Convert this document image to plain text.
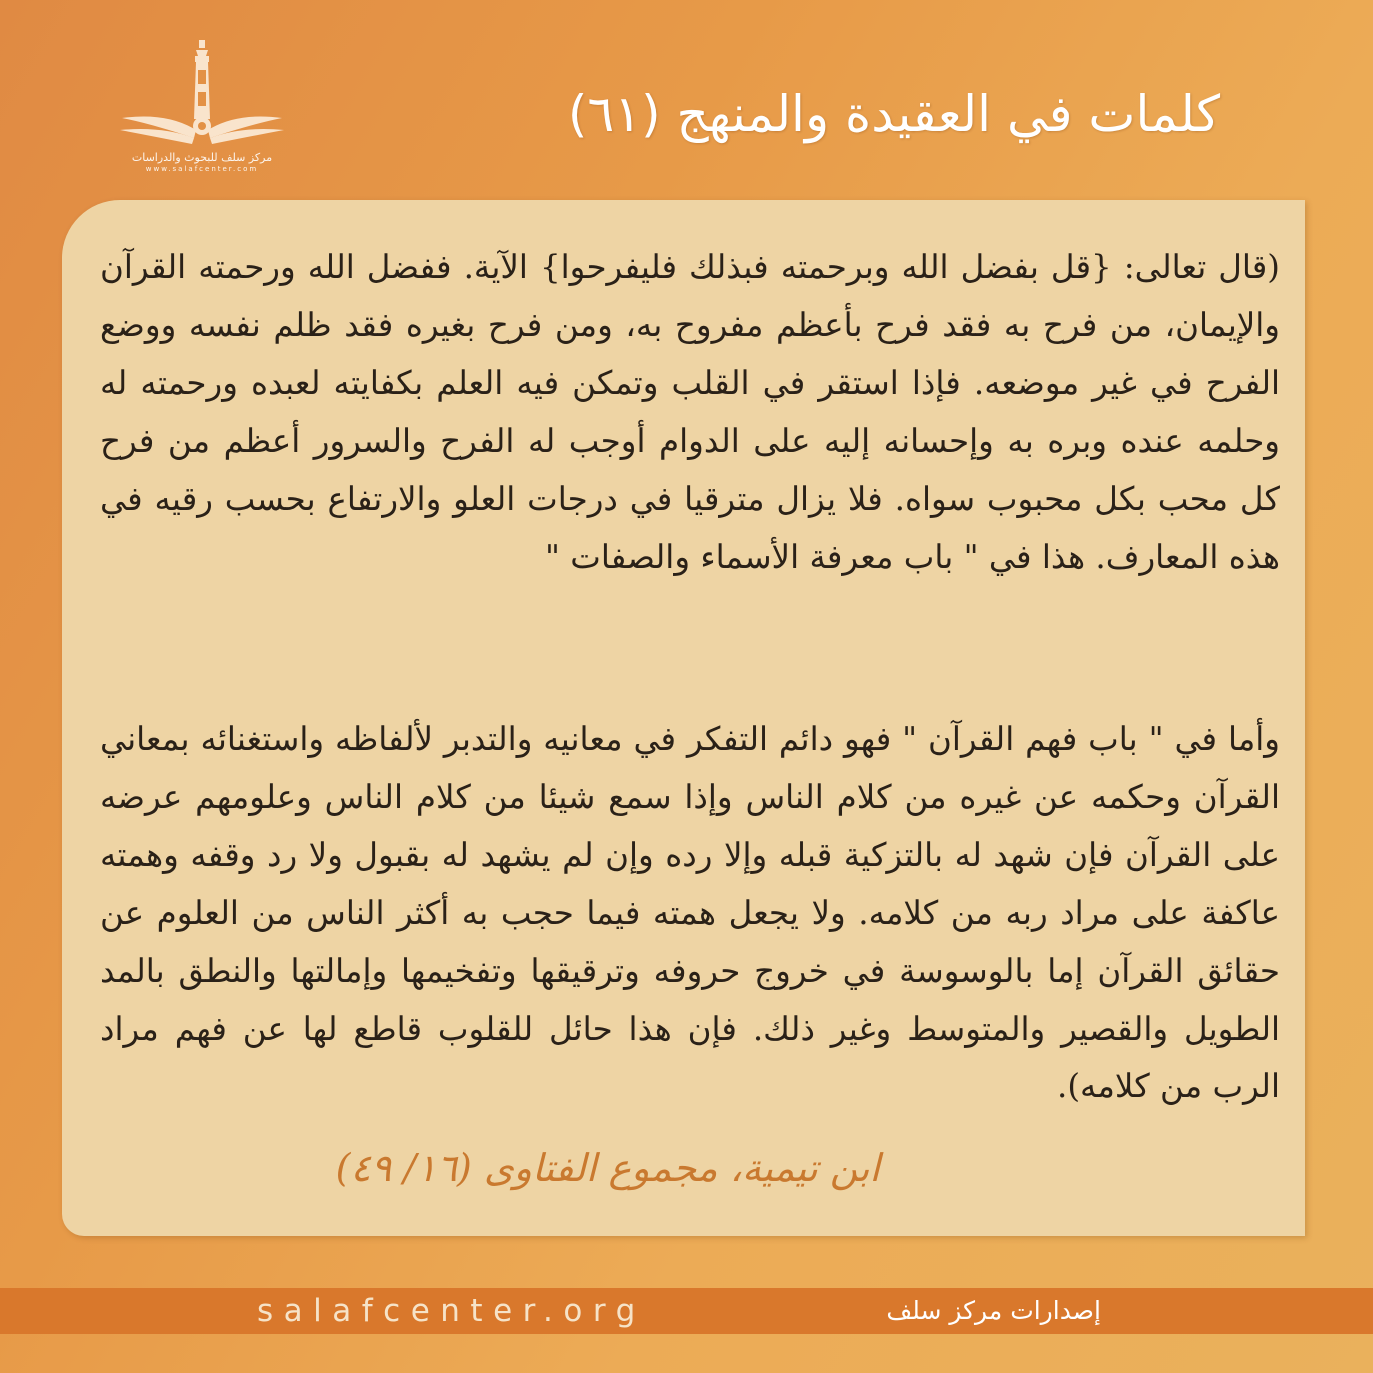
مركز سلف للبحوث والدراسات
www.salafcenter.com
كلمات في العقيدة والمنهج (٦١)

(قال تعالى: {قل بفضل الله وبرحمته فبذلك فليفرحوا} الآية. ففضل الله ورحمته القرآن والإيمان، من فرح به فقد فرح بأعظم مفروح به، ومن فرح بغيره فقد ظلم نفسه ووضع الفرح في غير موضعه. فإذا استقر في القلب وتمكن فيه العلم بكفايته لعبده ورحمته له وحلمه عنده وبره به وإحسانه إليه على الدوام أوجب له الفرح والسرور أعظم من فرح كل محب بكل محبوب سواه. فلا يزال مترقيا في درجات العلو والارتفاع بحسب رقيه في هذه المعارف. هذا في " باب معرفة الأسماء والصفات "

وأما في " باب فهم القرآن " فهو دائم التفكر في معانيه والتدبر لألفاظه واستغنائه بمعاني القرآن وحكمه عن غيره من كلام الناس وإذا سمع شيئا من كلام الناس وعلومهم عرضه على القرآن فإن شهد له بالتزكية قبله وإلا رده وإن لم يشهد له بقبول ولا رد وقفه وهمته عاكفة على مراد ربه من كلامه. ولا يجعل همته فيما حجب به أكثر الناس من العلوم عن حقائق القرآن إما بالوسوسة في خروج حروفه وترقيقها وتفخيمها وإمالتها والنطق بالمد الطويل والقصير والمتوسط وغير ذلك. فإن هذا حائل للقلوب قاطع لها عن فهم مراد الرب من كلامه).

ابن تيمية، مجموع الفتاوى (١٦/ ٤٩)
salafcenter.org	إصدارات مركز سلف
